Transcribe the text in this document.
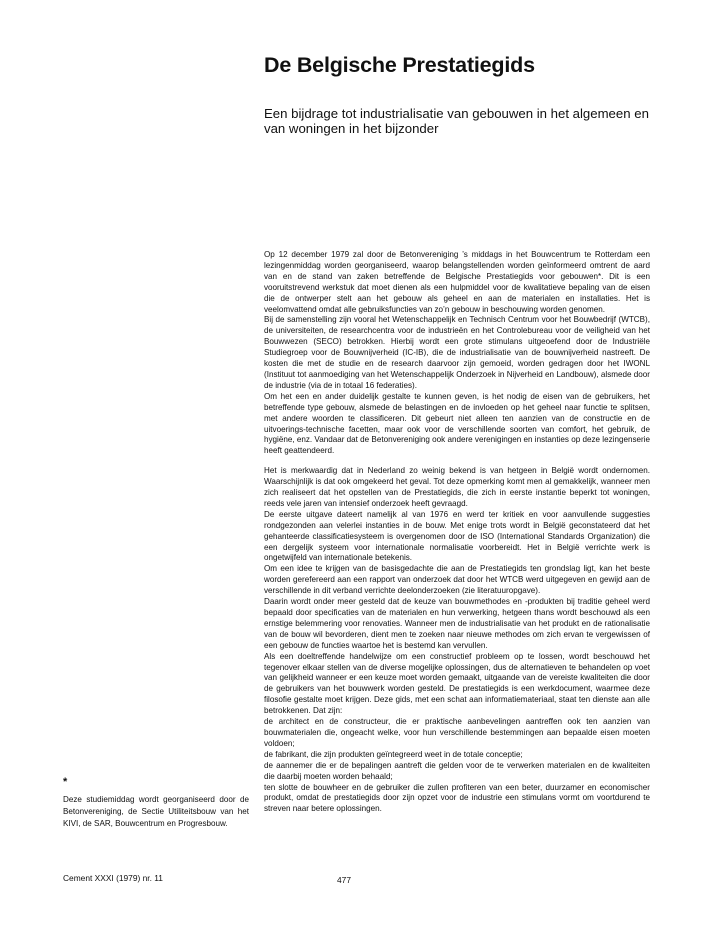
De Belgische Prestatiegids
Een bijdrage tot industrialisatie van gebouwen in het algemeen en van woningen in het bijzonder

Op 12 december 1979 zal door de Betonvereniging ’s middags in het Bouwcentrum te Rotterdam een lezingenmiddag worden georganiseerd, waarop belangstellenden worden geïnformeerd omtrent de aard van en de stand van zaken betreffende de Belgische Prestatiegids voor gebouwen*. Dit is een vooruitstrevend werkstuk dat moet dienen als een hulpmiddel voor de kwalitatieve bepaling van de eisen die de ontwerper stelt aan het gebouw als geheel en aan de materialen en installaties. Het is veelomvattend omdat alle gebruiksfuncties van zo’n gebouw in beschouwing worden genomen.

Bij de samenstelling zijn vooral het Wetenschappelijk en Technisch Centrum voor het Bouwbedrijf (WTCB), de universiteiten, de researchcentra voor de industrieën en het Controlebureau voor de veiligheid van het Bouwwezen (SECO) betrokken. Hierbij wordt een grote stimulans uitgeoefend door de Industriële Studiegroep voor de Bouwnijverheid (IC-IB), die de industrialisatie van de bouwnijverheid nastreeft. De kosten die met de studie en de research daarvoor zijn gemoeid, worden gedragen door het IWONL (Instituut tot aanmoediging van het Wetenschappelijk Onderzoek in Nijverheid en Landbouw), alsmede door de industrie (via de in totaal 16 federaties).

Om het een en ander duidelijk gestalte te kunnen geven, is het nodig de eisen van de gebruikers, het betreffende type gebouw, alsmede de belastingen en de invloeden op het geheel naar functie te splitsen, met andere woorden te classificeren. Dit gebeurt niet alleen ten aanzien van de constructie en de uitvoerings-technische facetten, maar ook voor de verschillende soorten van comfort, het gebruik, de hygiëne, enz. Vandaar dat de Betonvereniging ook andere verenigingen en instanties op deze lezingenserie heeft geattendeerd.

Het is merkwaardig dat in Nederland zo weinig bekend is van hetgeen in België wordt ondernomen. Waarschijnlijk is dat ook omgekeerd het geval. Tot deze opmerking komt men al gemakkelijk, wanneer men zich realiseert dat het opstellen van de Prestatiegids, die zich in eerste instantie beperkt tot woningen, reeds vele jaren van intensief onderzoek heeft gevraagd.

De eerste uitgave dateert namelijk al van 1976 en werd ter kritiek en voor aanvullende suggesties rondgezonden aan velerlei instanties in de bouw. Met enige trots wordt in België geconstateerd dat het gehanteerde classificatiesysteem is overgenomen door de ISO (International Standards Organization) die een dergelijk systeem voor internationale normalisatie voorbereidt. Het in België verrichte werk is ongetwijfeld van internationale betekenis.

Om een idee te krijgen van de basisgedachte die aan de Prestatiegids ten grondslag ligt, kan het beste worden gerefereerd aan een rapport van onderzoek dat door het WTCB werd uitgegeven en gewijd aan de verschillende in dit verband verrichte deelonderzoeken (zie literatuuropgave).

Daarin wordt onder meer gesteld dat de keuze van bouwmethodes en -produkten bij traditie geheel werd bepaald door specificaties van de materialen en hun verwerking, hetgeen thans wordt beschouwd als een ernstige belemmering voor renovaties. Wanneer men de industrialisatie van het produkt en de rationalisatie van de bouw wil bevorderen, dient men te zoeken naar nieuwe methodes om zich ervan te vergewissen of een gebouw de functies waartoe het is bestemd kan vervullen.

Als een doeltreffende handelwijze om een constructief probleem op te lossen, wordt beschouwd het tegenover elkaar stellen van de diverse mogelijke oplossingen, dus de alternatieven te behandelen op voet van gelijkheid wanneer er een keuze moet worden gemaakt, uitgaande van de vereiste kwaliteiten die door de gebruikers van het bouwwerk worden gesteld. De prestatiegids is een werkdocument, waarmee deze filosofie gestalte moet krijgen. Deze gids, met een schat aan informatiemateriaal, staat ten dienste aan alle betrokkenen. Dat zijn:

de architect en de constructeur, die er praktische aanbevelingen aantreffen ook ten aanzien van bouwmaterialen die, ongeacht welke, voor hun verschillende bestemmingen aan bepaalde eisen moeten voldoen;

de fabrikant, die zijn produkten geïntegreerd weet in de totale conceptie;

de aannemer die er de bepalingen aantreft die gelden voor de te verwerken materialen en de kwaliteiten die daarbij moeten worden behaald;

ten slotte de bouwheer en de gebruiker die zullen profiteren van een beter, duurzamer en economischer produkt, omdat de prestatiegids door zijn opzet voor de industrie een stimulans vormt om voortdurend te streven naar betere oplossingen.

*

Deze studiemiddag wordt georganiseerd door de Betonvereniging, de Sectie Utiliteitsbouw van het KIVI, de SAR, Bouwcentrum en Progresbouw.

Cement XXXI (1979) nr. 11	477
